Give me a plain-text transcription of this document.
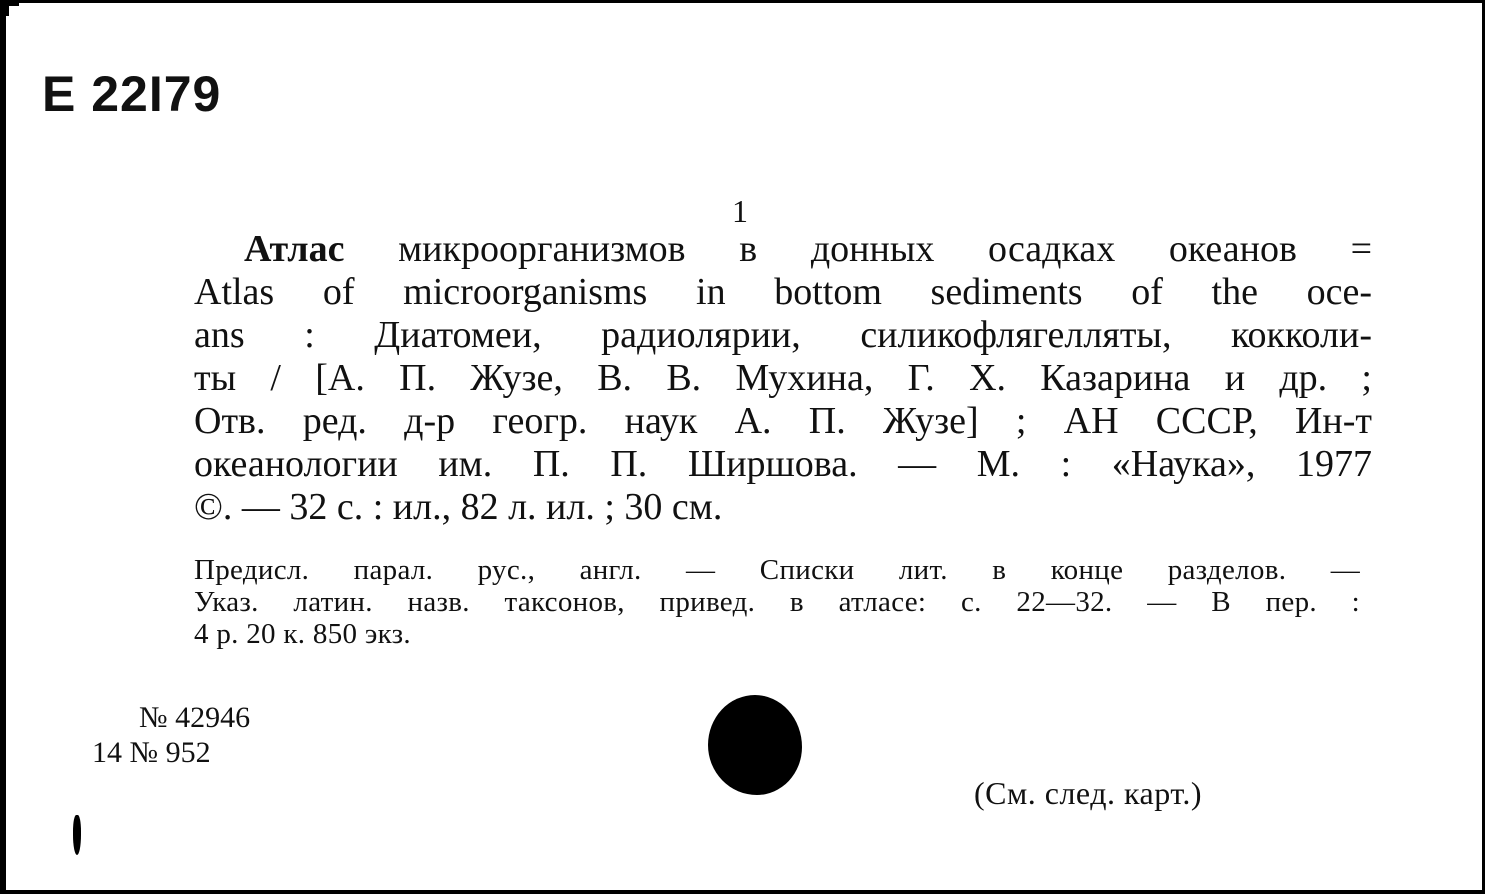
E 22I79
1
Атлас микроорганизмов в донных осадках океанов =
Atlas of microorganisms in bottom sediments of the oce-
ans : Диатомеи, радиолярии, силикофлягелляты, кокколи-
ты / [А. П. Жузе, В. В. Мухина, Г. Х. Казарина и др. ;
Отв. ред. д-р геогр. наук А. П. Жузе] ; АН СССР, Ин-т
океанологии им. П. П. Ширшова. — М. : «Наука», 1977
©. — 32 с. : ил., 82 л. ил. ; 30 см.
Предисл. парал. рус., англ. — Списки лит. в конце разделов. —
Указ. латин. назв. таксонов, привед. в атласе: с. 22—32. — В пер. :
4 р. 20 к. 850 экз.
№ 42946
14 № 952
(См. след. карт.)
